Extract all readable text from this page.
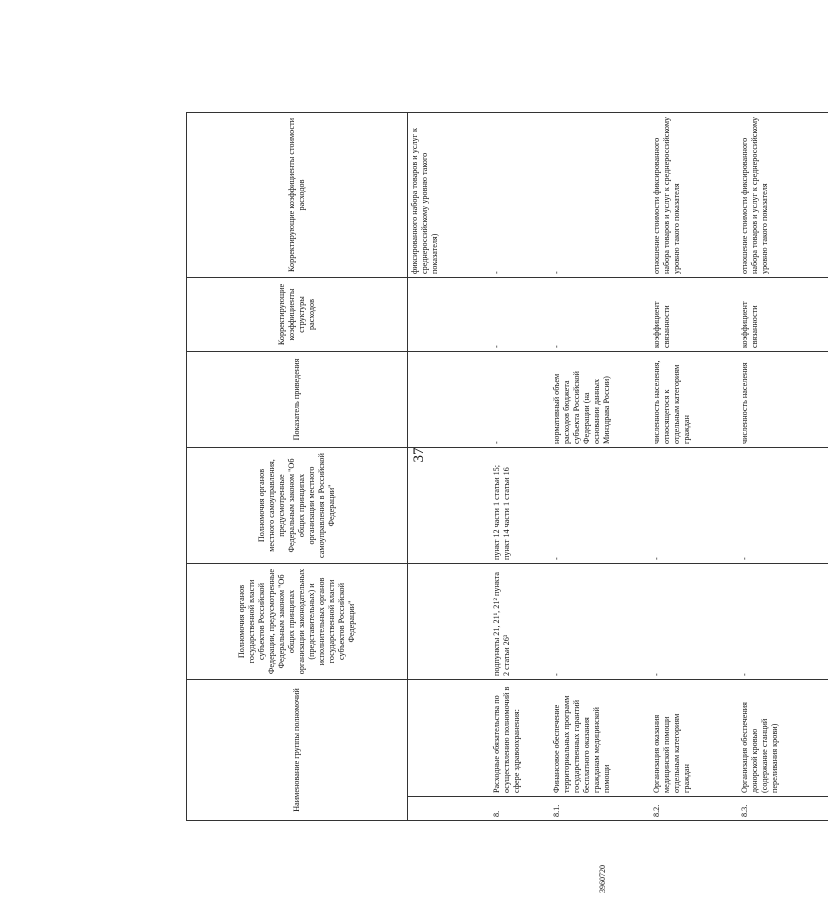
37
Наименование группы полномочий		Полномочия органов государственной власти субъектов Российской Федерации, предусмотренные Федеральным законом "Об общих принципах организации законодательных (представительных) и исполнительных органов государственной власти субъектов Российской Федерации"	Полномочия органов местного самоуправления, предусмотренные Федеральным законом "Об общих принципах организации местного самоуправления в Российской Федерации"	Показатель приведения	Корректирующие коэффициенты структуры расходов	Корректирующие коэффициенты стоимости расходов
						фиксированного набора товаров и услуг к среднероссийскому уровню такого показателя)
8.	Расходные обязательства по осуществлению полномочий в сфере здравоохранения:	подпункты 21, 21¹, 21² пункта 2 статьи 26³	пункт 12 части 1 статьи 15; пункт 14 части 1 статьи 16	-	-	-
8.1.	Финансовое обеспечение территориальных программ государственных гарантий бесплатного оказания гражданам медицинской помощи	-	-	нормативный объем расходов бюджета субъекта Российской Федерации (на основании данных Минздрава России)	-	-
8.2.	Организация оказания медицинской помощи отдельным категориям граждан	-	-	численность населения, относящегося к отдельным категориям граждан	коэффициент связанности	отношение стоимости фиксированного набора товаров и услуг к среднероссийскому уровню такого показателя
8.3.	Организация обеспечения донорской кровью (содержание станций переливания крови)	-	-	численность населения	коэффициент связанности	отношение стоимости фиксированного набора товаров и услуг к среднероссийскому уровню такого показателя
3960720
